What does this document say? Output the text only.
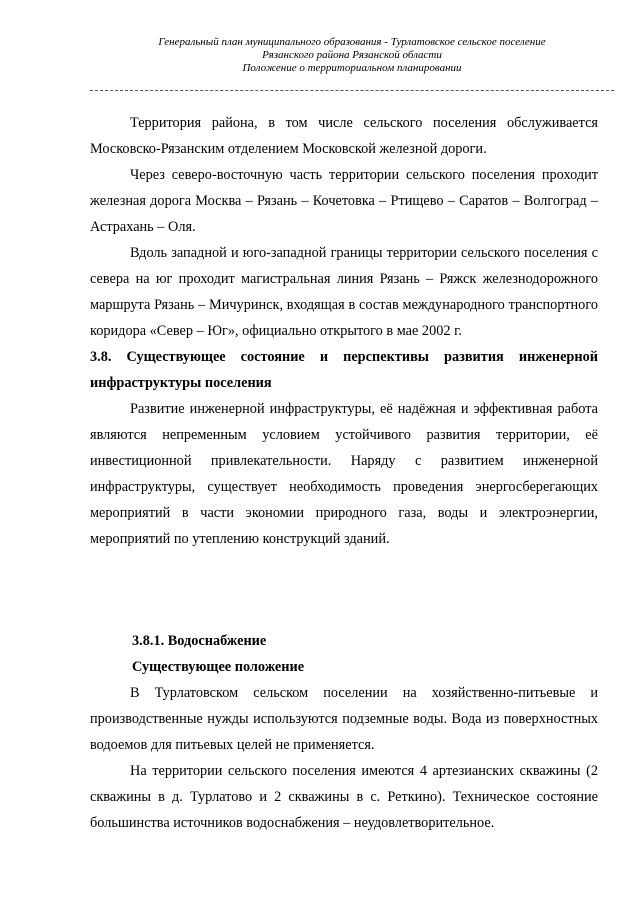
Генеральный план муниципального образования - Турлатовское сельское поселение
Рязанского района Рязанской области
Положение о территориальном планировании

Территория района, в том числе сельского поселения обслуживается Московско-Рязанским отделением Московской железной дороги.

Через северо-восточную часть территории сельского поселения проходит железная дорога Москва – Рязань – Кочетовка – Ртищево – Саратов – Волгоград – Астрахань – Оля.

Вдоль западной и юго-западной границы территории сельского поселения с севера на юг проходит магистральная линия Рязань – Ряжск железнодорожного маршрута Рязань – Мичуринск, входящая в состав международного транспортного коридора «Север – Юг», официально открытого в мае 2002 г.

3.8. Существующее состояние и перспективы развития инженерной инфраструктуры поселения

Развитие инженерной инфраструктуры, её надёжная и эффективная работа являются непременным условием устойчивого развития территории, её инвестиционной привлекательности. Наряду с развитием инженерной инфраструктуры, существует необходимость проведения энергосберегающих мероприятий в части экономии природного газа, воды и электроэнергии, мероприятий по утеплению конструкций зданий.

3.8.1. Водоснабжение

Существующее положение

В Турлатовском сельском поселении на хозяйственно-питьевые и производственные нужды используются подземные воды. Вода из поверхностных водоемов для питьевых целей не применяется.

На территории сельского поселения имеются 4 артезианских скважины (2 скважины в д. Турлатово и 2 скважины в с. Реткино). Техническое состояние большинства источников водоснабжения – неудовлетворительное.
